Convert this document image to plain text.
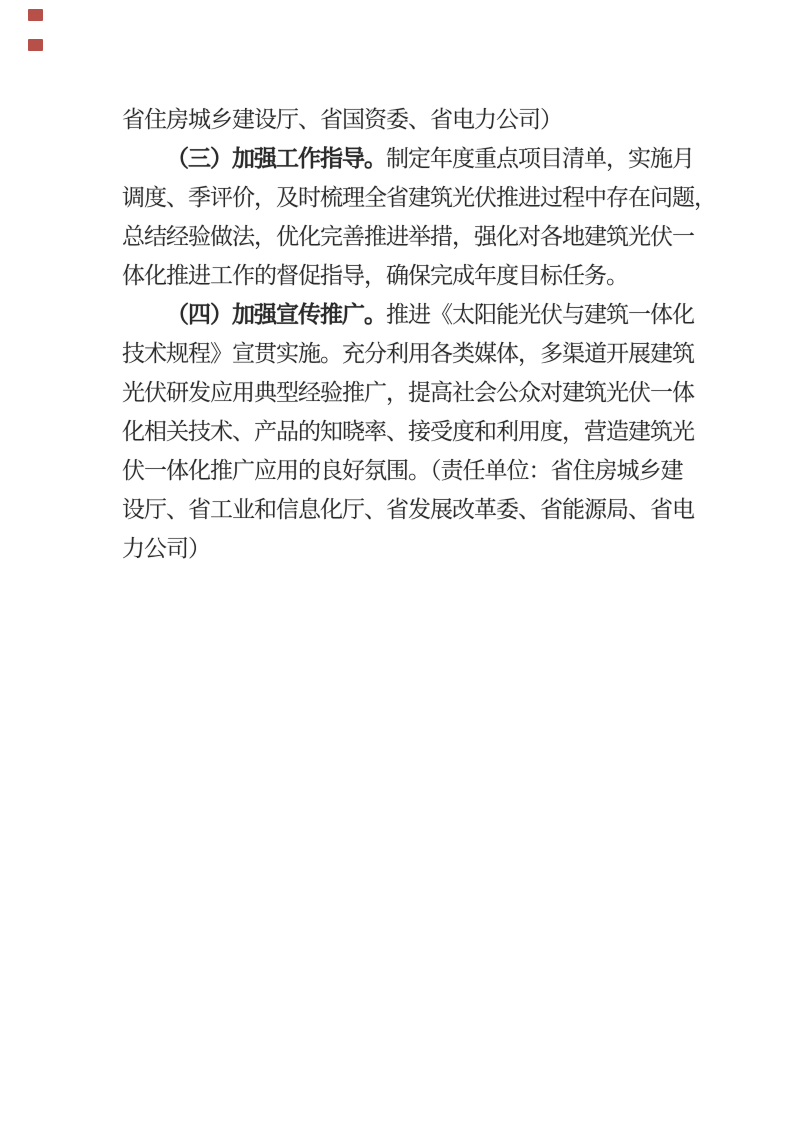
省住房城乡建设厅、省国资委、省电力公司）
（三）加强工作指导。制定年度重点项目清单，实施月
调度、季评价，及时梳理全省建筑光伏推进过程中存在问题，
总结经验做法，优化完善推进举措，强化对各地建筑光伏一
体化推进工作的督促指导，确保完成年度目标任务。
（四）加强宣传推广。推进《太阳能光伏与建筑一体化
技术规程》宣贯实施。充分利用各类媒体，多渠道开展建筑
光伏研发应用典型经验推广，提高社会公众对建筑光伏一体
化相关技术、产品的知晓率、接受度和利用度，营造建筑光
伏一体化推广应用的良好氛围。（责任单位：省住房城乡建
设厅、省工业和信息化厅、省发展改革委、省能源局、省电
力公司）
